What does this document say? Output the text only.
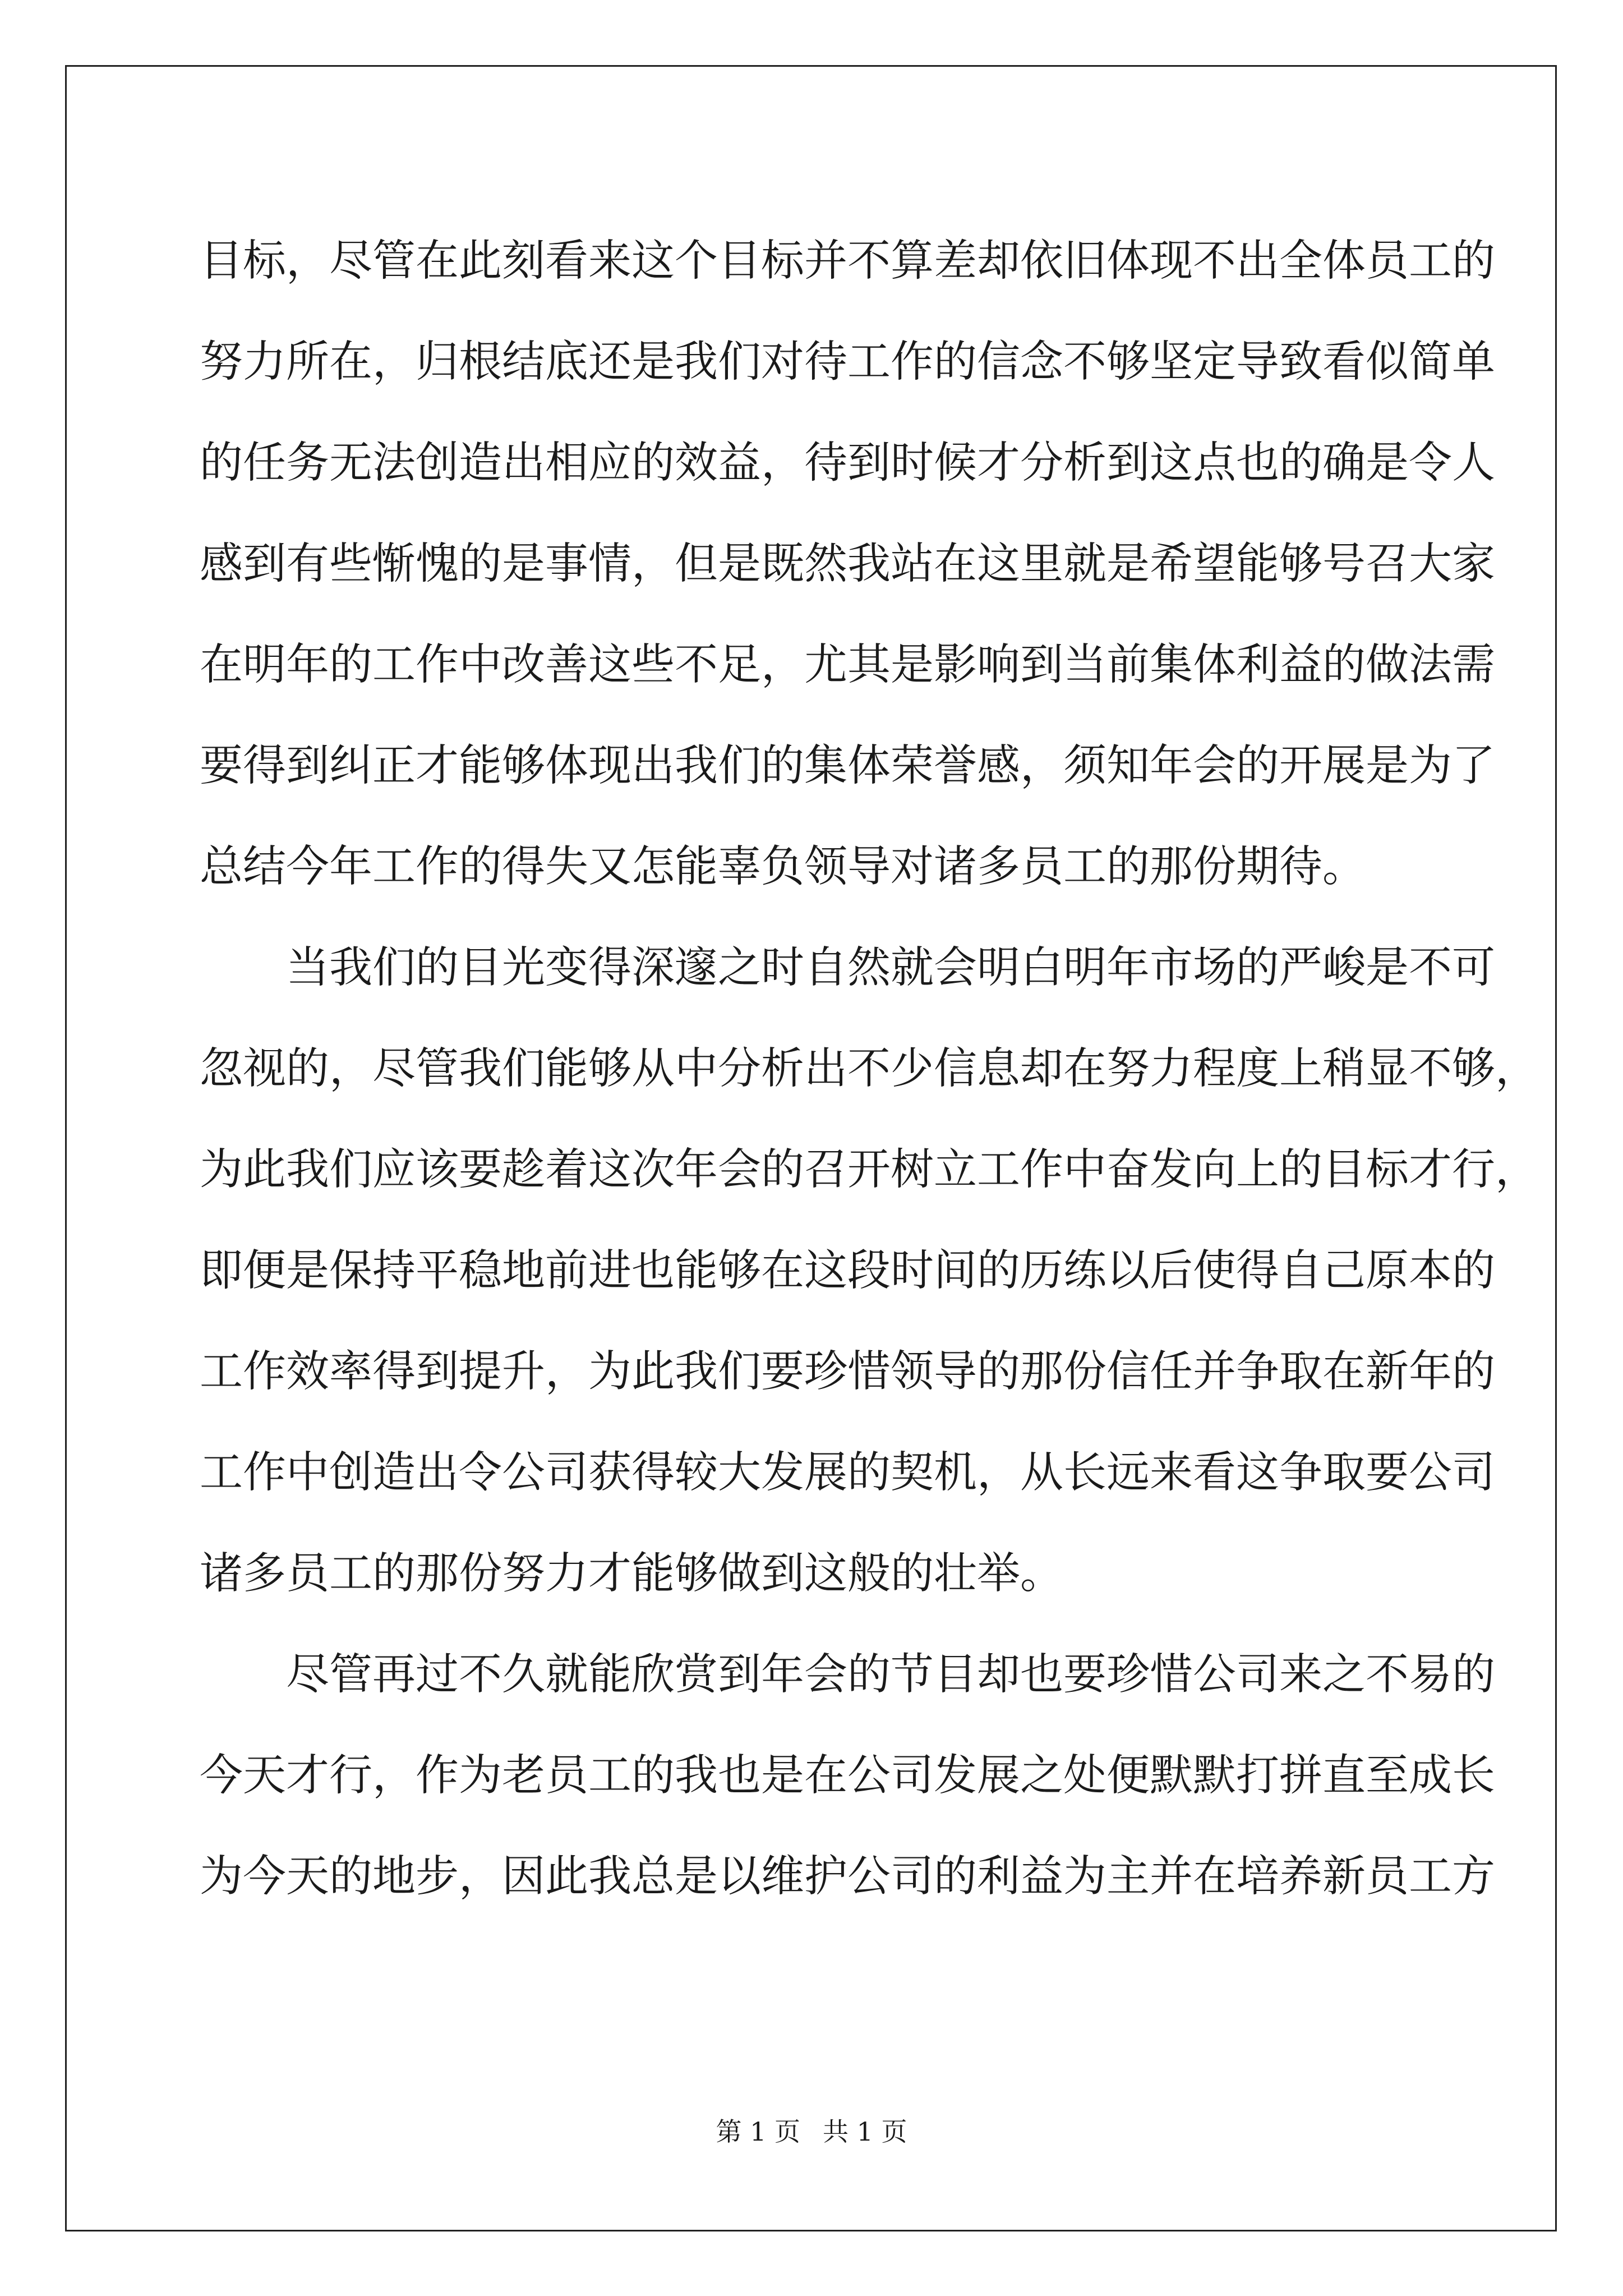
目标，尽管在此刻看来这个目标并不算差却依旧体现不出全体员工的
努力所在，归根结底还是我们对待工作的信念不够坚定导致看似简单
的任务无法创造出相应的效益，待到时候才分析到这点也的确是令人
感到有些惭愧的是事情，但是既然我站在这里就是希望能够号召大家
在明年的工作中改善这些不足，尤其是影响到当前集体利益的做法需
要得到纠正才能够体现出我们的集体荣誉感，须知年会的开展是为了
总结今年工作的得失又怎能辜负领导对诸多员工的那份期待。
当我们的目光变得深邃之时自然就会明白明年市场的严峻是不可
忽视的，尽管我们能够从中分析出不少信息却在努力程度上稍显不够，
为此我们应该要趁着这次年会的召开树立工作中奋发向上的目标才行，
即便是保持平稳地前进也能够在这段时间的历练以后使得自己原本的
工作效率得到提升，为此我们要珍惜领导的那份信任并争取在新年的
工作中创造出令公司获得较大发展的契机，从长远来看这争取要公司
诸多员工的那份努力才能够做到这般的壮举。
尽管再过不久就能欣赏到年会的节目却也要珍惜公司来之不易的
今天才行，作为老员工的我也是在公司发展之处便默默打拼直至成长
为今天的地步，因此我总是以维护公司的利益为主并在培养新员工方
第 1 页 共 1 页
